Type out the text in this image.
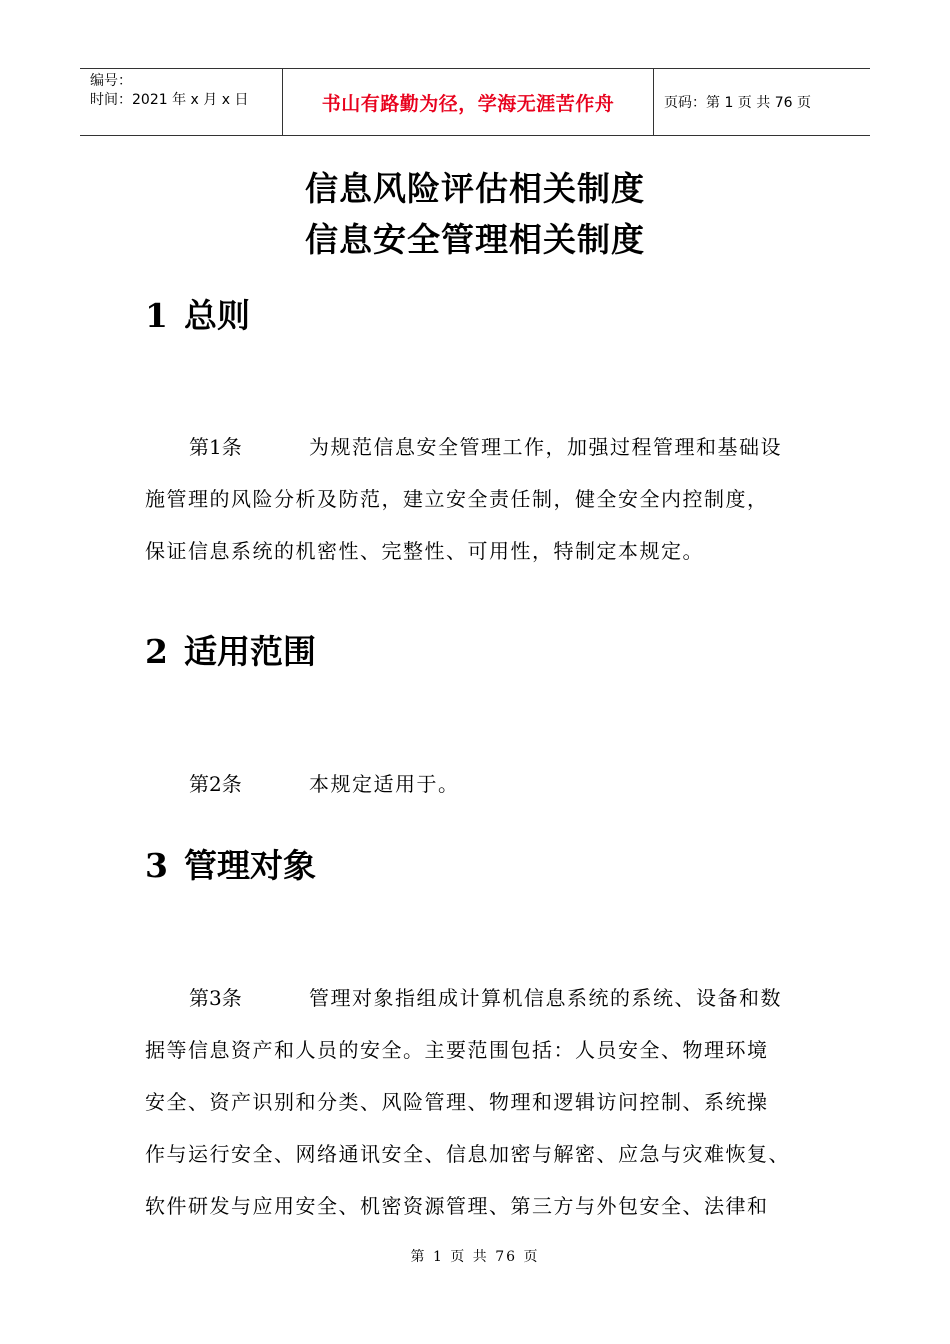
编号：
时间：2021 年 x 月 x 日	书山有路勤为径，学海无涯苦作舟	页码：第 1 页 共 76 页
信息风险评估相关制度
信息安全管理相关制度
1 总则
第1条	为规范信息安全管理工作，加强过程管理和基础设
施管理的风险分析及防范，建立安全责任制，健全安全内控制度，
保证信息系统的机密性、完整性、可用性，特制定本规定。
2 适用范围
第2条	本规定适用于。
3 管理对象
第3条	管理对象指组成计算机信息系统的系统、设备和数
据等信息资产和人员的安全。主要范围包括：人员安全、物理环境
安全、资产识别和分类、风险管理、物理和逻辑访问控制、系统操
作与运行安全、网络通讯安全、信息加密与解密、应急与灾难恢复、
软件研发与应用安全、机密资源管理、第三方与外包安全、法律和
第 1 页 共 76 页
